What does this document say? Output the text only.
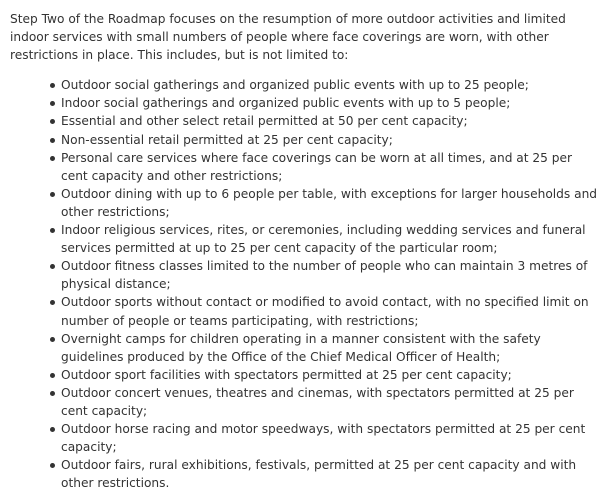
Step Two of the Roadmap focuses on the resumption of more outdoor activities and limited indoor services with small numbers of people where face coverings are worn, with other restrictions in place. This includes, but is not limited to:

Outdoor social gatherings and organized public events with up to 25 people;
Indoor social gatherings and organized public events with up to 5 people;
Essential and other select retail permitted at 50 per cent capacity;
Non-essential retail permitted at 25 per cent capacity;
Personal care services where face coverings can be worn at all times, and at 25 per cent capacity and other restrictions;
Outdoor dining with up to 6 people per table, with exceptions for larger households and other restrictions;
Indoor religious services, rites, or ceremonies, including wedding services and funeral services permitted at up to 25 per cent capacity of the particular room;
Outdoor fitness classes limited to the number of people who can maintain 3 metres of physical distance;
Outdoor sports without contact or modified to avoid contact, with no specified limit on number of people or teams participating, with restrictions;
Overnight camps for children operating in a manner consistent with the safety guidelines produced by the Office of the Chief Medical Officer of Health;
Outdoor sport facilities with spectators permitted at 25 per cent capacity;
Outdoor concert venues, theatres and cinemas, with spectators permitted at 25 per cent capacity;
Outdoor horse racing and motor speedways, with spectators permitted at 25 per cent capacity;
Outdoor fairs, rural exhibitions, festivals, permitted at 25 per cent capacity and with other restrictions.
